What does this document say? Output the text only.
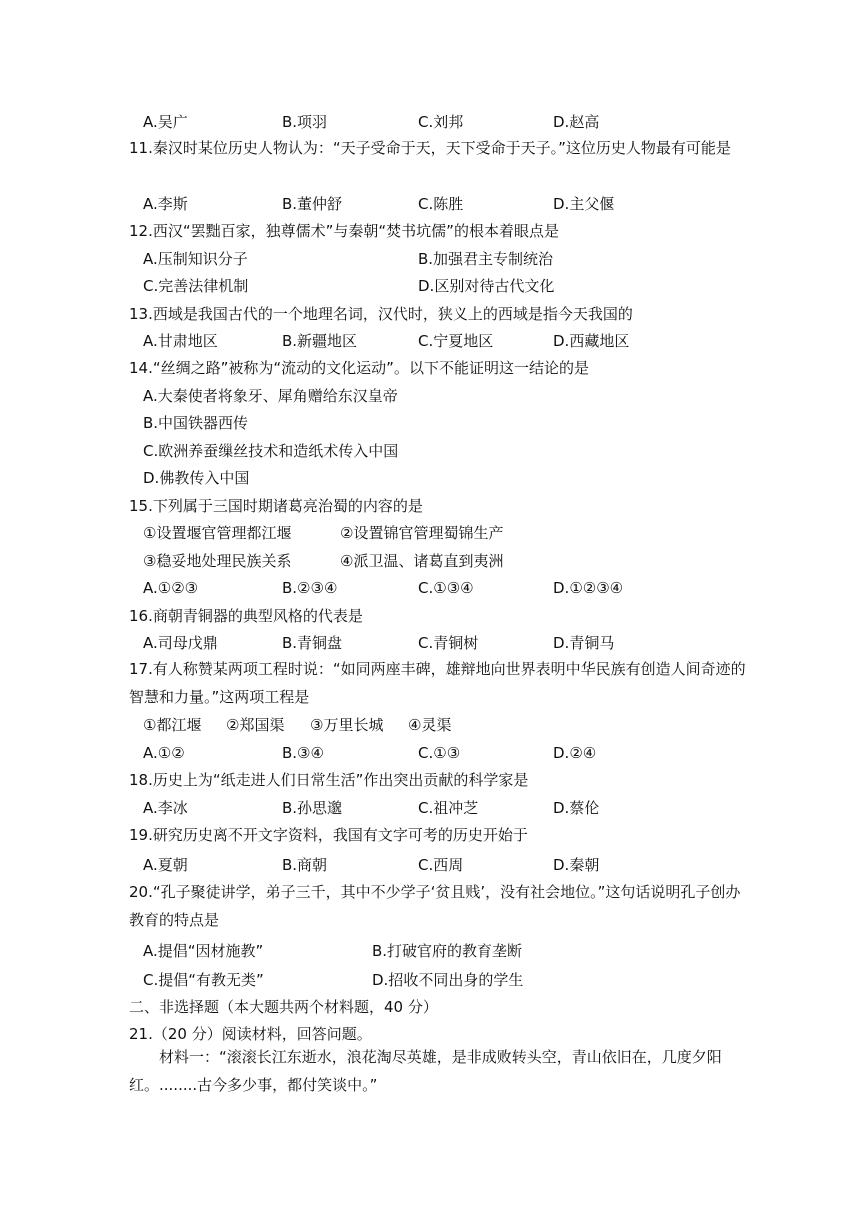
A.吴广	B.项羽	C.刘邦	D.赵高
11.秦汉时某位历史人物认为：“天子受命于天，天下受命于天子。”这位历史人物最有可能是
A.李斯	B.董仲舒	C.陈胜	D.主父偃
12.西汉“罢黜百家，独尊儒术”与秦朝“焚书坑儒”的根本着眼点是
A.压制知识分子	B.加强君主专制统治
C.完善法律机制	D.区别对待古代文化
13.西域是我国古代的一个地理名词，汉代时，狭义上的西域是指今天我国的
A.甘肃地区	B.新疆地区	C.宁夏地区	D.西藏地区
14.“丝绸之路”被称为“流动的文化运动”。以下不能证明这一结论的是
A.大秦使者将象牙、犀角赠给东汉皇帝
B.中国铁器西传
C.欧洲养蚕缫丝技术和造纸术传入中国
D.佛教传入中国
15.下列属于三国时期诸葛亮治蜀的内容的是
①设置堰官管理都江堰	②设置锦官管理蜀锦生产
③稳妥地处理民族关系	④派卫温、诸葛直到夷洲
A.①②③	B.②③④	C.①③④	D.①②③④
16.商朝青铜器的典型风格的代表是
A.司母戊鼎	B.青铜盘	C.青铜树	D.青铜马
17.有人称赞某两项工程时说：“如同两座丰碑，雄辩地向世界表明中华民族有创造人间奇迹的智慧和力量。”这两项工程是
①都江堰 ②郑国渠 ③万里长城 ④灵渠
A.①②	B.③④	C.①③	D.②④
18.历史上为“纸走进人们日常生活”作出突出贡献的科学家是
A.李冰	B.孙思邈	C.祖冲芝	D.蔡伦
19.研究历史离不开文字资料，我国有文字可考的历史开始于
A.夏朝	B.商朝	C.西周	D.秦朝
20.“孔子聚徒讲学，弟子三千，其中不少学子‘贫且贱’，没有社会地位。”这句话说明孔子创办教育的特点是
A.提倡“因材施教”	B.打破官府的教育垄断
C.提倡“有教无类”	D.招收不同出身的学生
二、非选择题（本大题共两个材料题，40 分）
21.（20 分）阅读材料，回答问题。
材料一：“滚滚长江东逝水，浪花淘尽英雄，是非成败转头空，青山依旧在，几度夕阳红。........古今多少事，都付笑谈中。”
